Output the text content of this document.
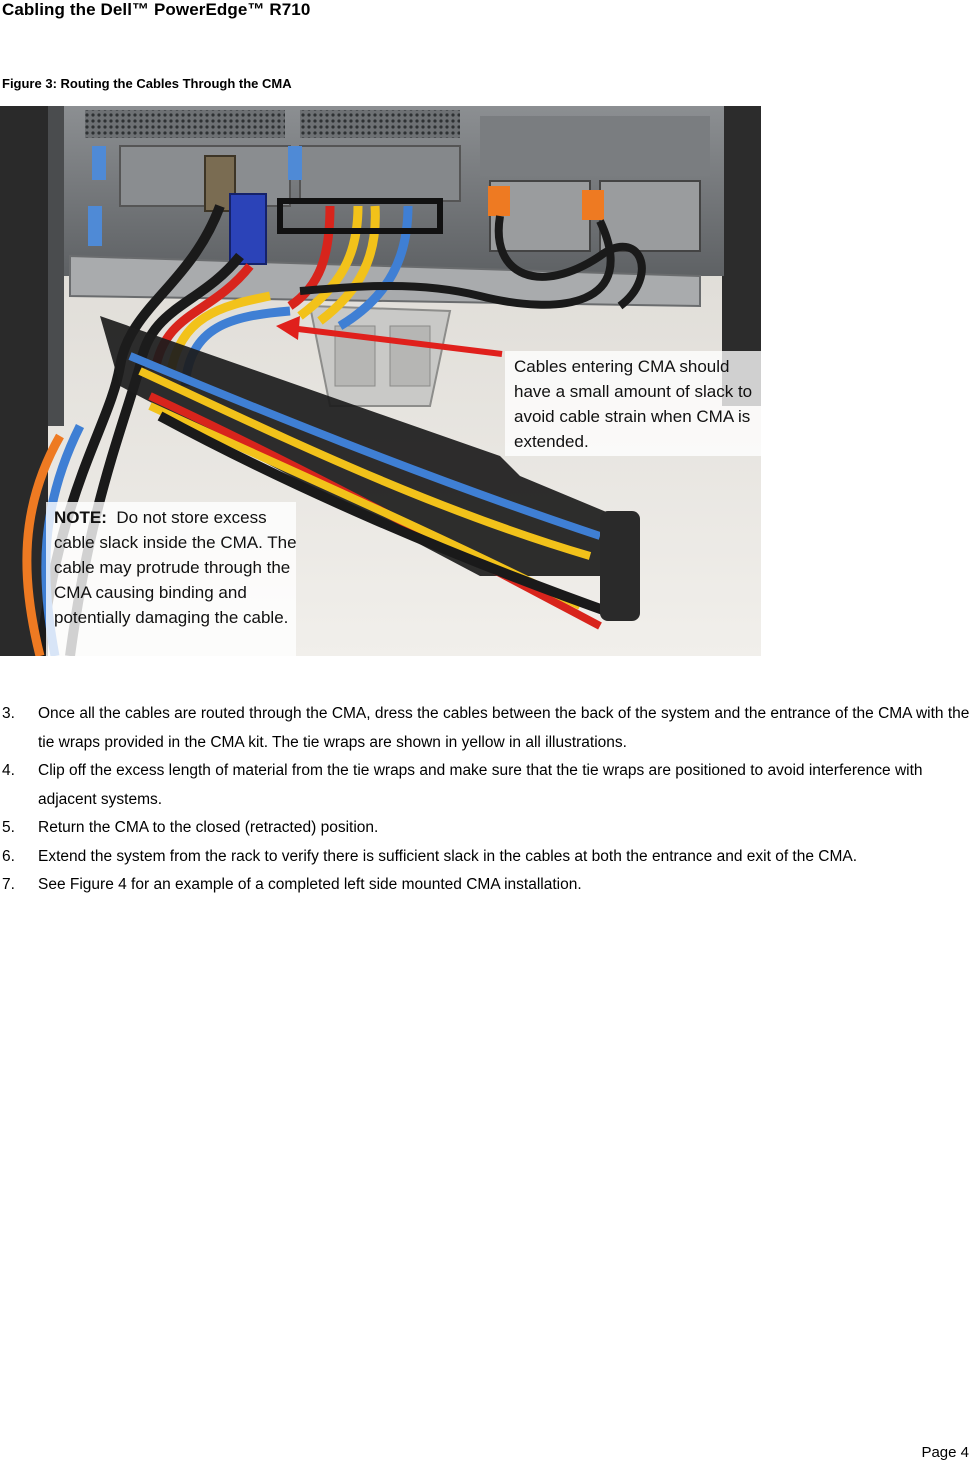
Cabling the Dell™ PowerEdge™ R710
Figure 3: Routing the Cables Through the CMA
Cables entering CMA should have a small amount of slack to avoid cable strain when CMA is extended.
NOTE: Do not store excess cable slack inside the CMA. The cable may protrude through the CMA causing binding and potentially damaging the cable.
3. Once all the cables are routed through the CMA, dress the cables between the back of the system and the entrance of the CMA with the tie wraps provided in the CMA kit. The tie wraps are shown in yellow in all illustrations.
4. Clip off the excess length of material from the tie wraps and make sure that the tie wraps are positioned to avoid interference with adjacent systems.
5. Return the CMA to the closed (retracted) position.
6. Extend the system from the rack to verify there is sufficient slack in the cables at both the entrance and exit of the CMA.
7. See Figure 4 for an example of a completed left side mounted CMA installation.
Page 4
